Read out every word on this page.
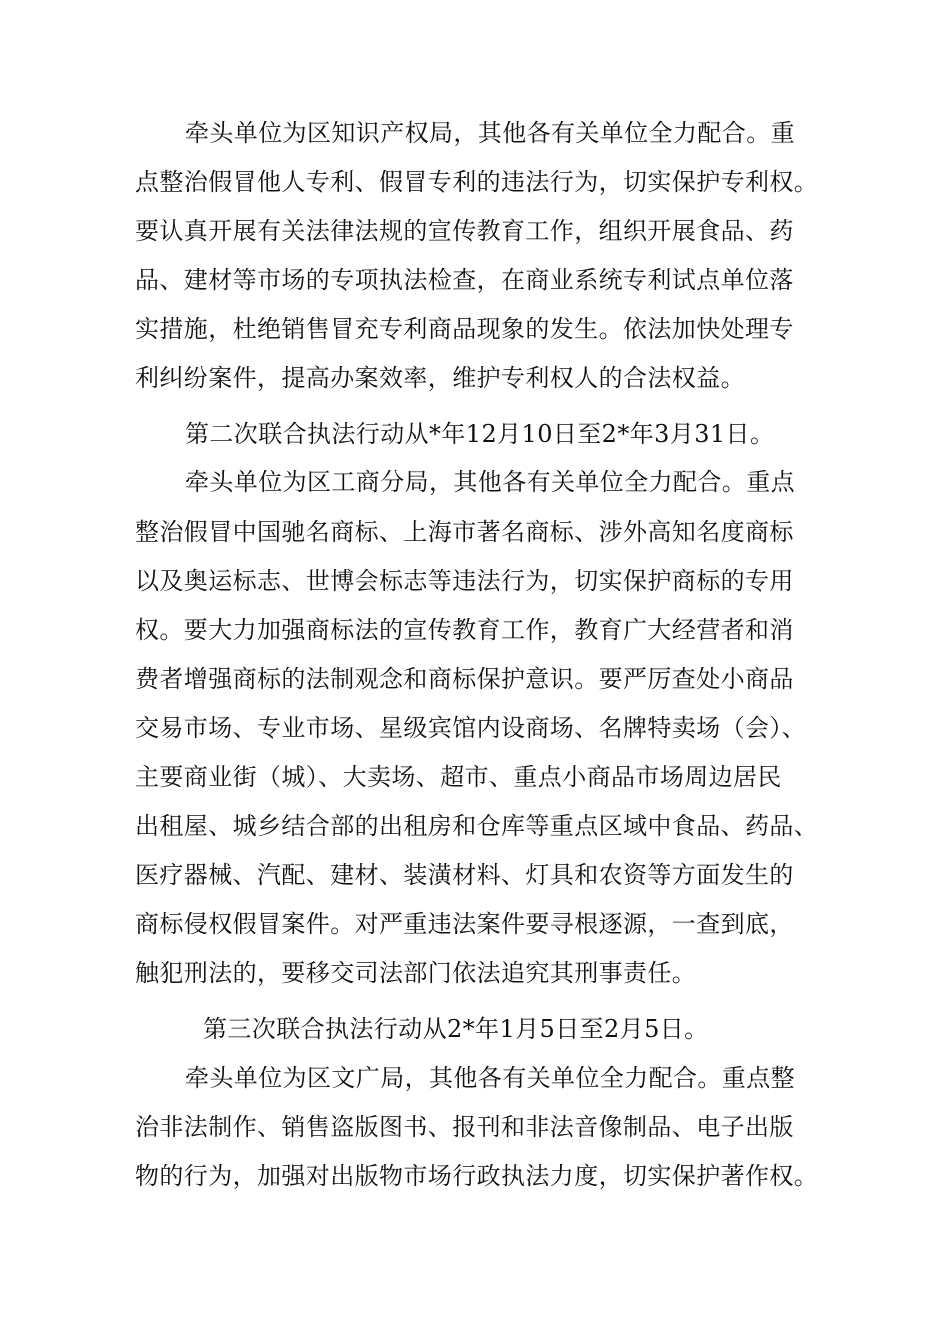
牵头单位为区知识产权局，其他各有关单位全力配合。重
点整治假冒他人专利、假冒专利的违法行为，切实保护专利权。
要认真开展有关法律法规的宣传教育工作，组织开展食品、药
品、建材等市场的专项执法检查，在商业系统专利试点单位落
实措施，杜绝销售冒充专利商品现象的发生。依法加快处理专
利纠纷案件，提高办案效率，维护专利权人的合法权益。
第二次联合执法行动从*年12月10日至2*年3月31日。
牵头单位为区工商分局，其他各有关单位全力配合。重点
整治假冒中国驰名商标、上海市著名商标、涉外高知名度商标
以及奥运标志、世博会标志等违法行为，切实保护商标的专用
权。要大力加强商标法的宣传教育工作，教育广大经营者和消
费者增强商标的法制观念和商标保护意识。要严厉查处小商品
交易市场、专业市场、星级宾馆内设商场、名牌特卖场（会）、
主要商业街（城）、大卖场、超市、重点小商品市场周边居民
出租屋、城乡结合部的出租房和仓库等重点区域中食品、药品、
医疗器械、汽配、建材、装潢材料、灯具和农资等方面发生的
商标侵权假冒案件。对严重违法案件要寻根逐源，一查到底，
触犯刑法的，要移交司法部门依法追究其刑事责任。
第三次联合执法行动从2*年1月5日至2月5日。
牵头单位为区文广局，其他各有关单位全力配合。重点整
治非法制作、销售盗版图书、报刊和非法音像制品、电子出版
物的行为，加强对出版物市场行政执法力度，切实保护著作权。
